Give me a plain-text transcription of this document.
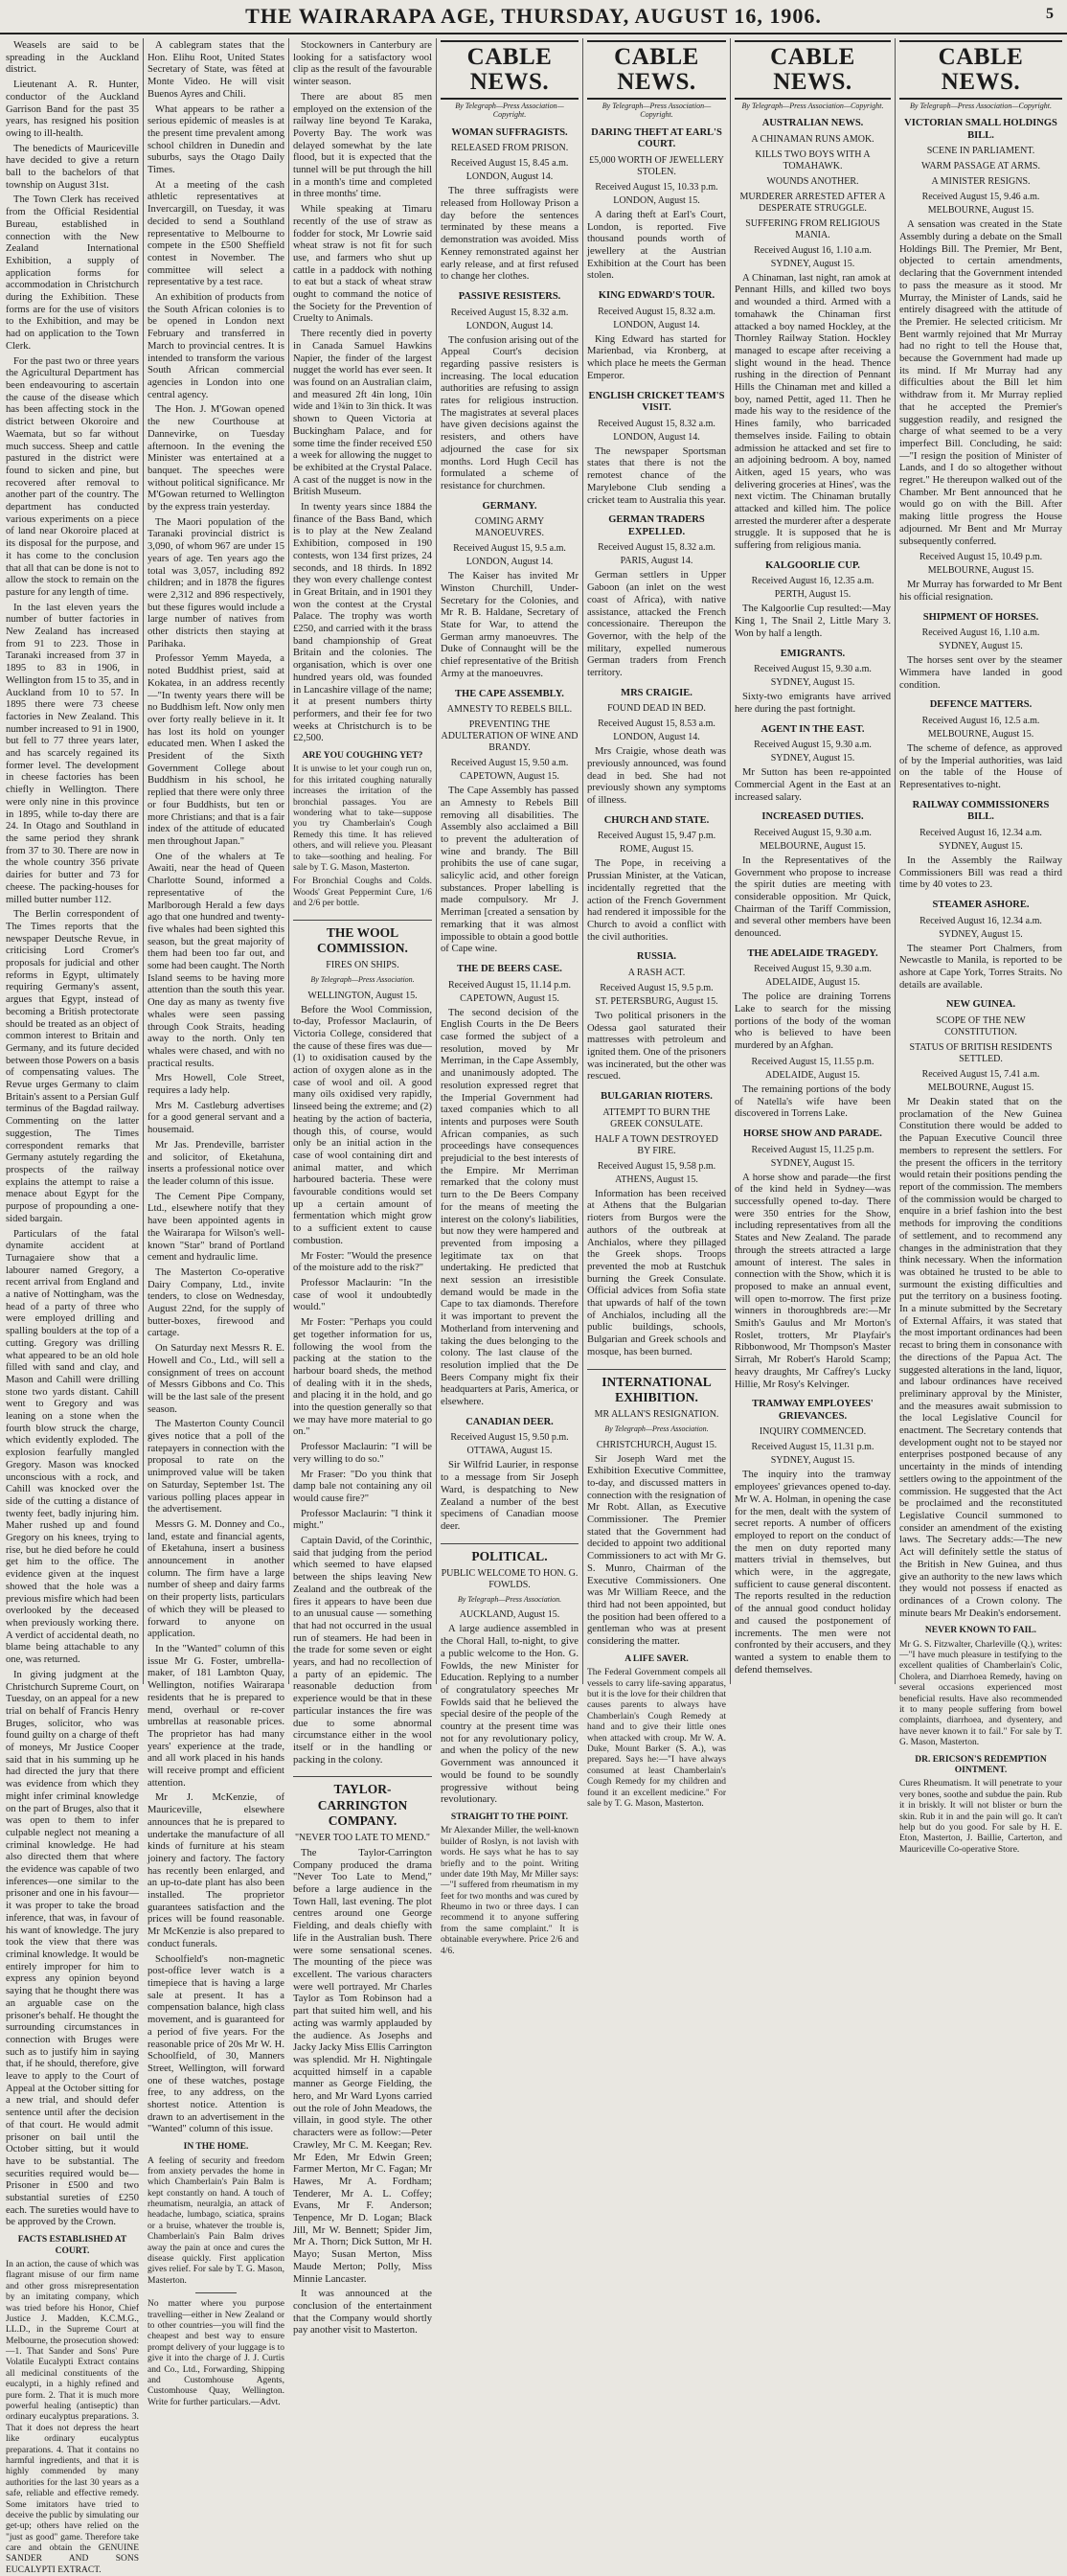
THE WAIRARAPA AGE, THURSDAY, AUGUST 16, 1906.	5

Weasels are said to be spreading in the Auckland district.

Lieutenant A. R. Hunter, conductor of the Auckland Garrison Band for the past 35 years, has resigned his position owing to ill-health.

The benedicts of Mauriceville have decided to give a return ball to the bachelors of that township on August 31st.

The Town Clerk has received from the Official Residential Bureau, established in connection with the New Zealand International Exhibition, a supply of application forms for accommodation in Christchurch during the Exhibition. These forms are for the use of visitors to the Exhibition, and may be had on application to the Town Clerk.

For the past two or three years the Agricultural Department has been endeavouring to ascertain the cause of the disease which has been affecting stock in the district between Okoroire and Waemata, but so far without much success. Sheep and cattle pastured in the district were found to sicken and pine, but recovered after removal to another part of the country. The department has conducted various experiments on a piece of land near Okoroire placed at its disposal for the purpose, and it has come to the conclusion that all that can be done is not to allow the stock to remain on the pasture for any length of time.

In the last eleven years the number of butter factories in New Zealand has increased from 91 to 223. Those in Taranaki increased from 37 in 1895 to 83 in 1906, in Wellington from 15 to 35, and in Auckland from 10 to 57. In 1895 there were 73 cheese factories in New Zealand. This number increased to 91 in 1900, but fell to 77 three years later, and has scarcely regained its former level. The development in cheese factories has been chiefly in Wellington. There were only nine in this province in 1895, while to-day there are 24. In Otago and Southland in the same period they shrank from 37 to 30. There are now in the whole country 356 private dairies for butter and 73 for cheese. The packing-houses for milled butter number 112.

The Berlin correspondent of The Times reports that the newspaper Deutsche Revue, in criticising Lord Cromer's proposals for judicial and other reforms in Egypt, ultimately requiring Germany's assent, argues that Egypt, instead of becoming a British protectorate should be treated as an object of common interest to Britain and Germany, and its future decided between those Powers on a basis of compensating values. The Revue urges Germany to claim Britain's assent to a Persian Gulf terminus of the Bagdad railway. Commenting on the latter suggestion, The Times correspondent remarks that Germany astutely regarding the prospects of the railway explains the attempt to raise a menace about Egypt for the purpose of propounding a one-sided bargain.

Particulars of the fatal dynamite accident at Turnagaiere show that a labourer named Gregory, a recent arrival from England and a native of Nottingham, was the head of a party of three who were employed drilling and spalling boulders at the top of a cutting. Gregory was drilling what appeared to be an old hole filled with sand and clay, and Mason and Cahill were drilling stone two yards distant. Cahill went to Gregory and was leaning on a stone when the fourth blow struck the charge, which evidently exploded. The explosion fearfully mangled Gregory. Mason was knocked unconscious with a rock, and Cahill was knocked over the side of the cutting a distance of twenty feet, badly injuring him. Maher rushed up and found Gregory on his knees, trying to rise, but he died before he could get him to the office. The evidence given at the inquest showed that the hole was a previous misfire which had been overlooked by the deceased when previously working there. A verdict of accidental death, no blame being attachable to any one, was returned.

In giving judgment at the Christchurch Supreme Court, on Tuesday, on an appeal for a new trial on behalf of Francis Henry Bruges, solicitor, who was found guilty on a charge of theft of moneys, Mr Justice Cooper said that in his summing up he had directed the jury that there was evidence from which they might infer criminal knowledge on the part of Bruges, also that it was open to them to infer culpable neglect not meaning a criminal knowledge. He had also directed them that where the evidence was capable of two inferences—one similar to the prisoner and one in his favour—it was proper to take the broad inference, that was, in favour of his want of knowledge. The jury took the view that there was criminal knowledge. It would be entirely improper for him to express any opinion beyond saying that he thought there was an arguable case on the prisoner's behalf. He thought the surrounding circumstances in connection with Bruges were such as to justify him in saying that, if he should, therefore, give leave to apply to the Court of Appeal at the October sitting for a new trial, and should defer sentence until after the decision of that court. He would admit prisoner on bail until the October sitting, but it would have to be substantial. The securities required would be—Prisoner in £500 and two substantial sureties of £250 each. The sureties would have to be approved by the Crown.

FACTS ESTABLISHED AT COURT.
In an action, the cause of which was flagrant misuse of our firm name and other gross misrepresentation by an imitating company, which was tried before his Honor, Chief Justice J. Madden, K.C.M.G., LL.D., in the Supreme Court at Melbourne, the prosecution showed:—1. That Sander and Sons' Pure Volatile Eucalypti Extract contains all medicinal constituents of the eucalypti, in a highly refined and pure form. 2. That it is much more powerful healing (antiseptic) than ordinary eucalyptus preparations. 3. That it does not depress the heart like ordinary eucalyptus preparations. 4. That it contains no harmful ingredients, and that it is highly commended by many authorities for the last 30 years as a safe, reliable and effective remedy. Some imitators have tried to deceive the public by simulating our get-up; others have relied on the "just as good" game. Therefore take care and obtain the GENUINE SANDER AND SONS EUCALYPTI EXTRACT.

A cablegram states that the Hon. Elihu Root, United States Secretary of State, was fêted at Monte Video. He will visit Buenos Ayres and Chili.

What appears to be rather a serious epidemic of measles is at the present time prevalent among school children in Dunedin and suburbs, says the Otago Daily Times.

At a meeting of the cash athletic representatives at Invercargill, on Tuesday, it was decided to send a Southland representative to Melbourne to compete in the £500 Sheffield contest in November. The committee will select a representative by a test race.

An exhibition of products from the South African colonies is to be opened in London next February and transferred in March to provincial centres. It is intended to transform the various South African commercial agencies in London into one central agency.

The Hon. J. M'Gowan opened the new Courthouse at Dannevirke, on Tuesday afternoon. In the evening the Minister was entertained at a banquet. The speeches were without political significance. Mr M'Gowan returned to Wellington by the express train yesterday.

The Maori population of the Taranaki provincial district is 3,090, of whom 967 are under 15 years of age. Ten years ago the total was 3,057, including 892 children; and in 1878 the figures were 2,312 and 896 respectively, but these figures would include a large number of natives from other districts then staying at Parihaka.

Professor Yemm Mayeda, a noted Buddhist priest, said at Kokatea, in an address recently—"In twenty years there will be no Buddhism left. Now only men over forty really believe in it. It has lost its hold on younger educated men. When I asked the President of the Sixth Government College about Buddhism in his school, he replied that there were only three or four Buddhists, but ten or more Christians; and that is a fair index of the attitude of educated men throughout Japan."

One of the whalers at Te Awaiti, near the head of Queen Charlotte Sound, informed a representative of the Marlborough Herald a few days ago that one hundred and twenty-five whales had been sighted this season, but the great majority of them had been too far out, and some had been caught. The North Island seems to be having more attention than the south this year. One day as many as twenty five whales were seen passing through Cook Straits, heading away to the north. Only ten whales were chased, and with no practical results.

Mrs Howell, Cole Street, requires a lady help.

Mrs M. Castleburg advertises for a good general servant and a housemaid.

Mr Jas. Prendeville, barrister and solicitor, of Eketahuna, inserts a professional notice over the leader column of this issue.

The Cement Pipe Company, Ltd., elsewhere notify that they have been appointed agents in the Wairarapa for Wilson's well-known "Star" brand of Portland cement and hydraulic lime.

The Masterton Co-operative Dairy Company, Ltd., invite tenders, to close on Wednesday, August 22nd, for the supply of butter-boxes, firewood and cartage.

On Saturday next Messrs R. E. Howell and Co., Ltd., will sell a consignment of trees on account of Messrs Gibbons and Co. This will be the last sale of the present season.

The Masterton County Council gives notice that a poll of the ratepayers in connection with the proposal to rate on the unimproved value will be taken on Saturday, September 1st. The various polling places appear in the advertisement.

Messrs G. M. Donney and Co., land, estate and financial agents, of Eketahuna, insert a business announcement in another column. The firm have a large number of sheep and dairy farms on their property lists, particulars of which they will be pleased to forward to anyone on application.

In the "Wanted" column of this issue Mr G. Foster, umbrella-maker, of 181 Lambton Quay, Wellington, notifies Wairarapa residents that he is prepared to mend, overhaul or re-cover umbrellas at reasonable prices. The proprietor has had many years' experience at the trade, and all work placed in his hands will receive prompt and efficient attention.

Mr J. McKenzie, of Mauriceville, elsewhere announces that he is prepared to undertake the manufacture of all kinds of furniture at his steam joinery and factory. The factory has recently been enlarged, and an up-to-date plant has also been installed. The proprietor guarantees satisfaction and the prices will be found reasonable. Mr McKenzie is also prepared to conduct funerals.

Schoolfield's non-magnetic post-office lever watch is a timepiece that is having a large sale at present. It has a compensation balance, high class movement, and is guaranteed for a period of five years. For the reasonable price of 20s Mr W. H. Schoolfield, of 30, Manners Street, Wellington, will forward one of these watches, postage free, to any address, on the shortest notice. Attention is drawn to an advertisement in the "Wanted" column of this issue.

IN THE HOME.
A feeling of security and freedom from anxiety pervades the home in which Chamberlain's Pain Balm is kept constantly on hand. A touch of rheumatism, neuralgia, an attack of headache, lumbago, sciatica, sprains or a bruise, whatever the trouble is, Chamberlain's Pain Balm drives away the pain at once and cures the disease quickly. First application gives relief. For sale by T. G. Mason, Masterton.
No matter where you purpose travelling—either in New Zealand or to other countries—you will find the cheapest and best way to ensure prompt delivery of your luggage is to give it into the charge of J. J. Curtis and Co., Ltd., Forwarding, Shipping and Customhouse Agents, Customhouse Quay, Wellington. Write for further particulars.—Advt.

Stockowners in Canterbury are looking for a satisfactory wool clip as the result of the favourable winter season.

There are about 85 men employed on the extension of the railway line beyond Te Karaka, Poverty Bay. The work was delayed somewhat by the late flood, but it is expected that the tunnel will be put through the hill in a month's time and completed in three months' time.

While speaking at Timaru recently of the use of straw as fodder for stock, Mr Lowrie said wheat straw is not fit for such use, and farmers who shut up cattle in a paddock with nothing to eat but a stack of wheat straw ought to command the notice of the Society for the Prevention of Cruelty to Animals.

There recently died in poverty in Canada Samuel Hawkins Napier, the finder of the largest nugget the world has ever seen. It was found on an Australian claim, and measured 2ft 4in long, 10in wide and 1¾in to 3in thick. It was shown to Queen Victoria at Buckingham Palace, and for some time the finder received £50 a week for allowing the nugget to be exhibited at the Crystal Palace. A cast of the nugget is now in the British Museum.

In twenty years since 1884 the finance of the Bass Band, which is to play at the New Zealand Exhibition, composed in 190 contests, won 134 first prizes, 24 seconds, and 18 thirds. In 1892 they won every challenge contest in Great Britain, and in 1901 they won the contest at the Crystal Palace. The trophy was worth £250, and carried with it the brass band championship of Great Britain and the colonies. The organisation, which is over one hundred years old, was founded in Lancashire village of the name; it at present numbers thirty performers, and their fee for two weeks at Christchurch is to be £2,500.

ARE YOU COUGHING YET?
It is unwise to let your cough run on, for this irritated coughing naturally increases the irritation of the bronchial passages. You are wondering what to take—suppose you try Chamberlain's Cough Remedy this time. It has relieved others, and will relieve you. Pleasant to take—soothing and healing. For sale by T. G. Mason, Masterton.
For Bronchial Coughs and Colds. Woods' Great Peppermint Cure, 1/6 and 2/6 per bottle.
THE WOOL COMMISSION.
FIRES ON SHIPS.
By Telegraph—Press Association.
WELLINGTON, August 15.

Before the Wool Commission, to-day, Professor Maclaurin, of Victoria College, considered that the cause of these fires was due—(1) to oxidisation caused by the action of oxygen alone as in the case of wool and oil. A good many oils oxidised very rapidly, linseed being the extreme; and (2) heating by the action of bacteria, though this, of course, would only be an initial action in the case of wool containing dirt and animal matter, and which harboured bacteria. These were favourable conditions would set up a certain amount of fermentation which might grow to a sufficient extent to cause combustion.

Mr Foster: "Would the presence of the moisture add to the risk?"

Professor Maclaurin: "In the case of wool it undoubtedly would."

Mr Foster: "Perhaps you could get together information for us, following the wool from the packing at the station to the harbour board sheds, the method of dealing with it in the sheds, and placing it in the hold, and go into the question generally so that we may have more material to go on."

Professor Maclaurin: "I will be very willing to do so."

Mr Fraser: "Do you think that damp bale not containing any oil would cause fire?"

Professor Maclaurin: "I think it might."

Captain David, of the Corinthic, said that judging from the period which seemed to have elapsed between the ships leaving New Zealand and the outbreak of the fires it appears to have been due to an unusual cause — something that had not occurred in the usual run of steamers. He had been in the trade for some seven or eight years, and had no recollection of a party of an epidemic. The reasonable deduction from experience would be that in these particular instances the fire was due to some abnormal circumstance either in the wool itself or in the handling or packing in the colony.

TAYLOR-CARRINGTON COMPANY.
"NEVER TOO LATE TO MEND."

The Taylor-Carrington Company produced the drama "Never Too Late to Mend," before a large audience in the Town Hall, last evening. The plot centres around one George Fielding, and deals chiefly with life in the Australian bush. There were some sensational scenes. The mounting of the piece was excellent. The various characters were well portrayed. Mr Charles Taylor as Tom Robinson had a part that suited him well, and his acting was warmly applauded by the audience. As Josephs and Jacky Jacky Miss Ellis Carrington was splendid. Mr H. Nightingale acquitted himself in a capable manner as George Fielding, the hero, and Mr Ward Lyons carried out the role of John Meadows, the villain, in good style. The other characters were as follow:—Peter Crawley, Mr C. M. Keegan; Rev. Mr Eden, Mr Edwin Green; Farmer Merton, Mr C. Fagan; Mr Hawes, Mr A. Fordham; Tenderer, Mr A. L. Coffey; Evans, Mr F. Anderson; Tenpence, Mr D. Logan; Black Jill, Mr W. Bennett; Spider Jim, Mr A. Thorn; Dick Sutton, Mr H. Mayo; Susan Merton, Miss Maude Merton; Polly, Miss Minnie Lancaster.

It was announced at the conclusion of the entertainment that the Company would shortly pay another visit to Masterton.

CABLE NEWS.
By Telegraph—Press Association—Copyright.
WOMAN SUFFRAGISTS.
RELEASED FROM PRISON.
Received August 15, 8.45 a.m.
LONDON, August 14.

The three suffragists were released from Holloway Prison a day before the sentences terminated by these means a demonstration was avoided. Miss Kenney remonstrated against her early release, and at first refused to change her clothes.

PASSIVE RESISTERS.
Received August 15, 8.32 a.m.
LONDON, August 14.

The confusion arising out of the Appeal Court's decision regarding passive resisters is increasing. The local education authorities are refusing to assign rates for religious instruction. The magistrates at several places have given decisions against the resisters, and others have adjourned the case for six months. Lord Hugh Cecil has formulated a scheme of resistance for churchmen.

GERMANY.
COMING ARMY MANOEUVRES.
Received August 15, 9.5 a.m.
LONDON, August 14.

The Kaiser has invited Mr Winston Churchill, Under-Secretary for the Colonies, and Mr R. B. Haldane, Secretary of State for War, to attend the German army manoeuvres. The Duke of Connaught will be the chief representative of the British Army at the manoeuvres.

THE CAPE ASSEMBLY.
AMNESTY TO REBELS BILL.
PREVENTING THE ADULTERATION OF WINE AND BRANDY.
Received August 15, 9.50 a.m.
CAPETOWN, August 15.

The Cape Assembly has passed an Amnesty to Rebels Bill removing all disabilities. The Assembly also acclaimed a Bill to prevent the adulteration of wine and brandy. The Bill prohibits the use of cane sugar, salicylic acid, and other foreign substances. Proper labelling is made compulsory. Mr J. Merriman [created a sensation by remarking that it was almost impossible to obtain a good bottle of Cape wine.

THE DE BEERS CASE.
Received August 15, 11.14 p.m.
CAPETOWN, August 15.

The second decision of the English Courts in the De Beers case formed the subject of a resolution, moved by Mr Merriman, in the Cape Assembly, and unanimously adopted. The resolution expressed regret that the Imperial Government had taxed companies which to all intents and purposes were South African companies, as such proceedings have consequences prejudicial to the best interests of the Empire. Mr Merriman remarked that the colony must turn to the De Beers Company for the means of meeting the interest on the colony's liabilities, but now they were hampered and prevented from imposing a legitimate tax on that undertaking. He predicted that next session an irresistible demand would be made in the Cape to tax diamonds. Therefore it was important to prevent the Motherland from intervening and taking the dues belonging to the colony. The last clause of the resolution implied that the De Beers Company might fix their headquarters at Paris, America, or elsewhere.

CANADIAN DEER.
Received August 15, 9.50 p.m.
OTTAWA, August 15.

Sir Wilfrid Laurier, in response to a message from Sir Joseph Ward, is despatching to New Zealand a number of the best specimens of Canadian moose deer.

POLITICAL.
PUBLIC WELCOME TO HON. G. FOWLDS.
By Telegraph—Press Association.
AUCKLAND, August 15.

A large audience assembled in the Choral Hall, to-night, to give a public welcome to the Hon. G. Fowlds, the new Minister for Education. Replying to a number of congratulatory speeches Mr Fowlds said that he believed the special desire of the people of the country at the present time was not for any revolutionary policy, and when the policy of the new Government was announced it would be found to be soundly progressive without being revolutionary.

STRAIGHT TO THE POINT.
Mr Alexander Miller, the well-known builder of Roslyn, is not lavish with words. He says what he has to say briefly and to the point. Writing under date 19th May, Mr Miller says:—"I suffered from rheumatism in my feet for two months and was cured by Rheumo in two or three days. I can recommend it to anyone suffering from the same complaint." It is obtainable everywhere. Price 2/6 and 4/6.
CABLE NEWS.
By Telegraph—Press Association—Copyright.
DARING THEFT AT EARL'S COURT.
£5,000 WORTH OF JEWELLERY STOLEN.
Received August 15, 10.33 p.m.
LONDON, August 15.

A daring theft at Earl's Court, London, is reported. Five thousand pounds worth of jewellery at the Austrian Exhibition at the Court has been stolen.

KING EDWARD'S TOUR.
Received August 15, 8.32 a.m.
LONDON, August 14.

King Edward has started for Marienbad, via Kronberg, at which place he meets the German Emperor.

ENGLISH CRICKET TEAM'S VISIT.
Received August 15, 8.32 a.m.
LONDON, August 14.

The newspaper Sportsman states that there is not the remotest chance of the Marylebone Club sending a cricket team to Australia this year.

GERMAN TRADERS EXPELLED.
Received August 15, 8.32 a.m.
PARIS, August 14.

German settlers in Upper Gaboon (an inlet on the west coast of Africa), with native assistance, attacked the French concessionaire. Thereupon the Governor, with the help of the military, expelled numerous German traders from French territory.

MRS CRAIGIE.
FOUND DEAD IN BED.
Received August 15, 8.53 a.m.
LONDON, August 14.

Mrs Craigie, whose death was previously announced, was found dead in bed. She had not previously shown any symptoms of illness.

CHURCH AND STATE.
Received August 15, 9.47 p.m.
ROME, August 15.

The Pope, in receiving a Prussian Minister, at the Vatican, incidentally regretted that the action of the French Government had rendered it impossible for the Church to avoid a conflict with the civil authorities.

RUSSIA.
A RASH ACT.
Received August 15, 9.5 p.m.
ST. PETERSBURG, August 15.

Two political prisoners in the Odessa gaol saturated their mattresses with petroleum and ignited them. One of the prisoners was incinerated, but the other was rescued.

BULGARIAN RIOTERS.
ATTEMPT TO BURN THE GREEK CONSULATE.
HALF A TOWN DESTROYED BY FIRE.
Received August 15, 9.58 p.m.
ATHENS, August 15.

Information has been received at Athens that the Bulgarian rioters from Burgos were the authors of the outbreak at Anchialos, where they pillaged the Greek shops. Troops prevented the mob at Rustchuk burning the Greek Consulate. Official advices from Sofia state that upwards of half of the town of Anchialos, including all the public buildings, schools, Bulgarian and Greek schools and mosque, has been burned.

INTERNATIONAL EXHIBITION.
MR ALLAN'S RESIGNATION.
By Telegraph—Press Association.
CHRISTCHURCH, August 15.

Sir Joseph Ward met the Exhibition Executive Committee, to-day, and discussed matters in connection with the resignation of Mr Robt. Allan, as Executive Commissioner. The Premier stated that the Government had decided to appoint two additional Commissioners to act with Mr G. S. Munro, Chairman of the Executive Commissioners. One was Mr William Reece, and the third had not been appointed, but the position had been offered to a gentleman who was at present considering the matter.

A LIFE SAVER.
The Federal Government compels all vessels to carry life-saving apparatus, but it is the love for their children that causes parents to always have Chamberlain's Cough Remedy at hand and to give their little ones when attacked with croup. Mr W. A. Duke, Mount Barker (S. A.), was prepared. Says he:—"I have always consumed at least Chamberlain's Cough Remedy for my children and found it an excellent medicine." For sale by T. G. Mason, Masterton.
CABLE NEWS.
By Telegraph—Press Association—Copyright.
AUSTRALIAN NEWS.
A CHINAMAN RUNS AMOK.
KILLS TWO BOYS WITH A TOMAHAWK.
WOUNDS ANOTHER.
MURDERER ARRESTED AFTER A DESPERATE STRUGGLE.
SUFFERING FROM RELIGIOUS MANIA.
Received August 16, 1.10 a.m.
SYDNEY, August 15.

A Chinaman, last night, ran amok at Pennant Hills, and killed two boys and wounded a third. Armed with a tomahawk the Chinaman first attacked a boy named Hockley, at the Thornley Railway Station. Hockley managed to escape after receiving a slight wound in the head. Thence rushing in the direction of Pennant Hills the Chinaman met and killed a boy, named Pettit, aged 11. Then he made his way to the residence of the Hines family, who barricaded themselves inside. Failing to obtain admission he attacked and set fire to an adjoining bedroom. A boy, named Aitken, aged 15 years, who was delivering groceries at Hines', was the next victim. The Chinaman brutally attacked and killed him. The police arrested the murderer after a desperate struggle. It is supposed that he is suffering from religious mania.

KALGOORLIE CUP.
Received August 16, 12.35 a.m.
PERTH, August 15.

The Kalgoorlie Cup resulted:—May King 1, The Snail 2, Little Mary 3. Won by half a length.

EMIGRANTS.
Received August 15, 9.30 a.m.
SYDNEY, August 15.

Sixty-two emigrants have arrived here during the past fortnight.

AGENT IN THE EAST.
Received August 15, 9.30 a.m.
SYDNEY, August 15.

Mr Sutton has been re-appointed Commercial Agent in the East at an increased salary.

INCREASED DUTIES.
Received August 15, 9.30 a.m.
MELBOURNE, August 15.

In the Representatives of the Government who propose to increase the spirit duties are meeting with considerable opposition. Mr Quick, Chairman of the Tariff Commission, and several other members have been denounced.

THE ADELAIDE TRAGEDY.
Received August 15, 9.30 a.m.
ADELAIDE, August 15.

The police are draining Torrens Lake to search for the missing portions of the body of the woman who is believed to have been murdered by an Afghan.

Received August 15, 11.55 p.m.
ADELAIDE, August 15.

The remaining portions of the body of Natella's wife have been discovered in Torrens Lake.

HORSE SHOW AND PARADE.
Received August 15, 11.25 p.m.
SYDNEY, August 15.

A horse show and parade—the first of the kind held in Sydney—was successfully opened to-day. There were 350 entries for the Show, including representatives from all the States and New Zealand. The parade through the streets attracted a large amount of interest. The sales in connection with the Show, which it is proposed to make an annual event, will open to-morrow. The first prize winners in thoroughbreds are:—Mr Smith's Gaulus and Mr Morton's Roslet, trotters, Mr Playfair's Ribbonwood, Mr Thompson's Master Sirrah, Mr Robert's Harold Scamp; heavy draughts, Mr Caffrey's Lucky Hillie, Mr Rosy's Kelvinger.

TRAMWAY EMPLOYEES' GRIEVANCES.
INQUIRY COMMENCED.
Received August 15, 11.31 p.m.
SYDNEY, August 15.

The inquiry into the tramway employees' grievances opened to-day. Mr W. A. Holman, in opening the case for the men, dealt with the system of secret reports. A number of officers employed to report on the conduct of the men on duty reported many matters trivial in themselves, but which were, in the aggregate, sufficient to cause general discontent. The reports resulted in the reduction of the annual good conduct holiday and caused the postponement of increments. The men were not confronted by their accusers, and they wanted a system to enable them to defend themselves.

CABLE NEWS.
By Telegraph—Press Association—Copyright.
VICTORIAN SMALL HOLDINGS BILL.
SCENE IN PARLIAMENT.
WARM PASSAGE AT ARMS.
A MINISTER RESIGNS.
Received August 15, 9.46 a.m.
MELBOURNE, August 15.

A sensation was created in the State Assembly during a debate on the Small Holdings Bill. The Premier, Mr Bent, objected to certain amendments, declaring that the Government intended to pass the measure as it stood. Mr Murray, the Minister of Lands, said he entirely disagreed with the attitude of the Premier. He selected criticism. Mr Bent warmly rejoined that Mr Murray had no right to tell the House that, because the Government had made up its mind. If Mr Murray had any difficulties about the Bill let him withdraw from it. Mr Murray replied that he accepted the Premier's suggestion readily, and resigned the charge of what seemed to be a very imperfect Bill. Concluding, he said:—"I resign the position of Minister of Lands, and I do so altogether without regret." He thereupon walked out of the Chamber. Mr Bent announced that he would go on with the Bill. After making little progress the House adjourned. Mr Bent and Mr Murray subsequently conferred.

Received August 15, 10.49 p.m.
MELBOURNE, August 15.

Mr Murray has forwarded to Mr Bent his official resignation.

SHIPMENT OF HORSES.
Received August 16, 1.10 a.m.
SYDNEY, August 15.

The horses sent over by the steamer Wimmera have landed in good condition.

DEFENCE MATTERS.
Received August 16, 12.5 a.m.
MELBOURNE, August 15.

The scheme of defence, as approved of by the Imperial authorities, was laid on the table of the House of Representatives to-night.

RAILWAY COMMISSIONERS BILL.
Received August 16, 12.34 a.m.
SYDNEY, August 15.

In the Assembly the Railway Commissioners Bill was read a third time by 40 votes to 23.

STEAMER ASHORE.
Received August 16, 12.34 a.m.
SYDNEY, August 15.

The steamer Port Chalmers, from Newcastle to Manila, is reported to be ashore at Cape York, Torres Straits. No details are available.

NEW GUINEA.
SCOPE OF THE NEW CONSTITUTION.
STATUS OF BRITISH RESIDENTS SETTLED.
Received August 15, 7.41 a.m.
MELBOURNE, August 15.

Mr Deakin stated that on the proclamation of the New Guinea Constitution there would be added to the Papuan Executive Council three members to represent the settlers. For the present the officers in the territory would retain their positions pending the report of the commission. The members of the commission would be charged to enquire in a brief fashion into the best methods for improving the conditions of settlement, and to recommend any changes in the administration that they think necessary. When the information was obtained he trusted to be able to surmount the existing difficulties and put the territory on a business footing. In a minute submitted by the Secretary of External Affairs, it was stated that the most important ordinances had been recast to bring them in consonance with the directions of the Papua Act. The suggested alterations in the land, liquor, and labour ordinances have received preliminary approval by the Minister, and the measures await submission to the local Legislative Council for enactment. The Secretary contends that development ought not to be stayed nor enterprises postponed because of any uncertainty in the minds of intending settlers owing to the appointment of the commission. He suggested that the Act be proclaimed and the reconstituted Legislative Council summoned to consider an amendment of the existing laws. The Secretary adds:—The new Act will definitely settle the status of the British in New Guinea, and thus give an authority to the new laws which they would not possess if enacted as ordinances of a Crown colony. The minute bears Mr Deakin's endorsement.

NEVER KNOWN TO FAIL.
Mr G. S. Fitzwalter, Charleville (Q.), writes:—"I have much pleasure in testifying to the excellent qualities of Chamberlain's Colic, Cholera, and Diarrhoea Remedy, having on several occasions experienced most beneficial results. Have also recommended it to many people suffering from bowel complaints, diarrhoea, and dysentery, and have never known it to fail." For sale by T. G. Mason, Masterton.
DR. ERICSON'S REDEMPTION OINTMENT.
Cures Rheumatism. It will penetrate to your very bones, soothe and subdue the pain. Rub it in briskly. It will not blister or burn the skin. Rub it in and the pain will go. It can't help but do you good. For sale by H. E. Eton, Masterton, J. Baillie, Carterton, and Mauriceville Co-operative Store.
